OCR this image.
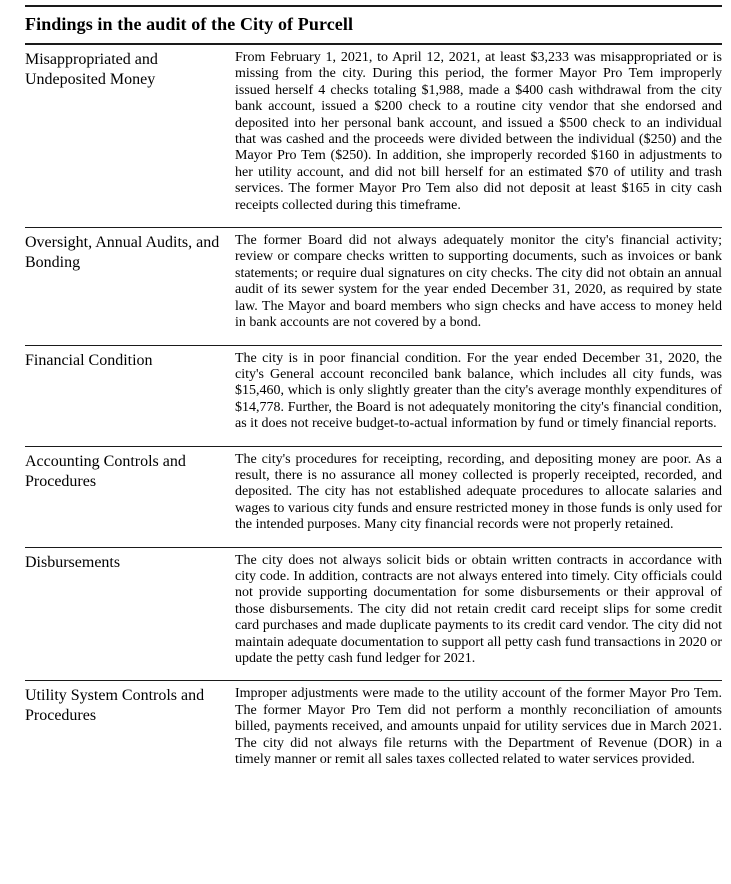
Findings in the audit of the City of Purcell
Misappropriated and Undeposited Money
From February 1, 2021, to April 12, 2021, at least $3,233 was misappropriated or is missing from the city. During this period, the former Mayor Pro Tem improperly issued herself 4 checks totaling $1,988, made a $400 cash withdrawal from the city bank account, issued a $200 check to a routine city vendor that she endorsed and deposited into her personal bank account, and issued a $500 check to an individual that was cashed and the proceeds were divided between the individual ($250) and the Mayor Pro Tem ($250). In addition, she improperly recorded $160 in adjustments to her utility account, and did not bill herself for an estimated $70 of utility and trash services. The former Mayor Pro Tem also did not deposit at least $165 in city cash receipts collected during this timeframe.
Oversight, Annual Audits, and Bonding
The former Board did not always adequately monitor the city's financial activity; review or compare checks written to supporting documents, such as invoices or bank statements; or require dual signatures on city checks. The city did not obtain an annual audit of its sewer system for the year ended December 31, 2020, as required by state law. The Mayor and board members who sign checks and have access to money held in bank accounts are not covered by a bond.
Financial Condition	The city is in poor financial condition. For the year ended December 31, 2020, the city's General account reconciled bank balance, which includes all city funds, was $15,460, which is only slightly greater than the city's average monthly expenditures of $14,778. Further, the Board is not adequately monitoring the city's financial condition, as it does not receive budget-to-actual information by fund or timely financial reports.
Accounting Controls and Procedures
The city's procedures for receipting, recording, and depositing money are poor. As a result, there is no assurance all money collected is properly receipted, recorded, and deposited. The city has not established adequate procedures to allocate salaries and wages to various city funds and ensure restricted money in those funds is only used for the intended purposes. Many city financial records were not properly retained.
Disbursements	The city does not always solicit bids or obtain written contracts in accordance with city code. In addition, contracts are not always entered into timely. City officials could not provide supporting documentation for some disbursements or their approval of those disbursements. The city did not retain credit card receipt slips for some credit card purchases and made duplicate payments to its credit card vendor. The city did not maintain adequate documentation to support all petty cash fund transactions in 2020 or update the petty cash fund ledger for 2021.
Utility System Controls and Procedures
Improper adjustments were made to the utility account of the former Mayor Pro Tem. The former Mayor Pro Tem did not perform a monthly reconciliation of amounts billed, payments received, and amounts unpaid for utility services due in March 2021. The city did not always file returns with the Department of Revenue (DOR) in a timely manner or remit all sales taxes collected related to water services provided.
